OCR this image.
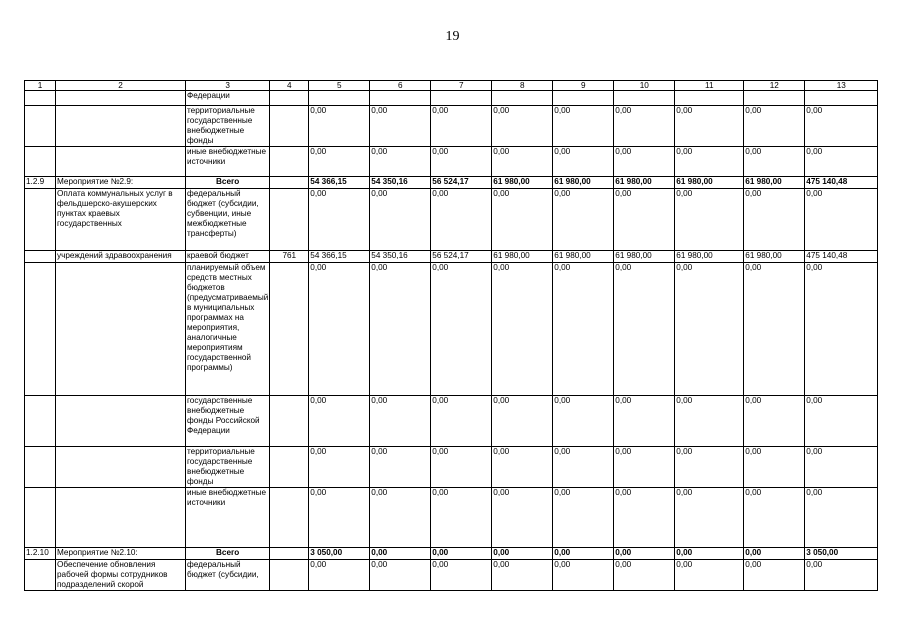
19
1	2	3	4	5	6	7	8	9	10	11	12	13
		Федерации										
		территориальные государственные внебюджетные фонды		0,00	0,00	0,00	0,00	0,00	0,00	0,00	0,00	0,00
		иные внебюджетные источники		0,00	0,00	0,00	0,00	0,00	0,00	0,00	0,00	0,00
1.2.9	Мероприятие №2.9:	Всего		54 366,15	54 350,16	56 524,17	61 980,00	61 980,00	61 980,00	61 980,00	61 980,00	475 140,48
	Оплата коммунальных услуг в фельдшерско-акушерских пунктах краевых государственных	федеральный бюджет (субсидии, субвенции, иные межбюджетные трансферты)		0,00	0,00	0,00	0,00	0,00	0,00	0,00	0,00	0,00
	учреждений здравоохранения	краевой бюджет	761	54 366,15	54 350,16	56 524,17	61 980,00	61 980,00	61 980,00	61 980,00	61 980,00	475 140,48
		планируемый объем средств местных бюджетов (предусматриваемый в муниципальных программах на мероприятия, аналогичные мероприятиям государственной программы)		0,00	0,00	0,00	0,00	0,00	0,00	0,00	0,00	0,00
		государственные внебюджетные фонды Российской Федерации		0,00	0,00	0,00	0,00	0,00	0,00	0,00	0,00	0,00
		территориальные государственные внебюджетные фонды		0,00	0,00	0,00	0,00	0,00	0,00	0,00	0,00	0,00
		иные внебюджетные источники		0,00	0,00	0,00	0,00	0,00	0,00	0,00	0,00	0,00
1.2.10	Мероприятие №2.10:	Всего		3 050,00	0,00	0,00	0,00	0,00	0,00	0,00	0,00	3 050,00
	Обеспечение обновления рабочей формы сотрудников подразделений скорой	федеральный бюджет (субсидии,		0,00	0,00	0,00	0,00	0,00	0,00	0,00	0,00	0,00
